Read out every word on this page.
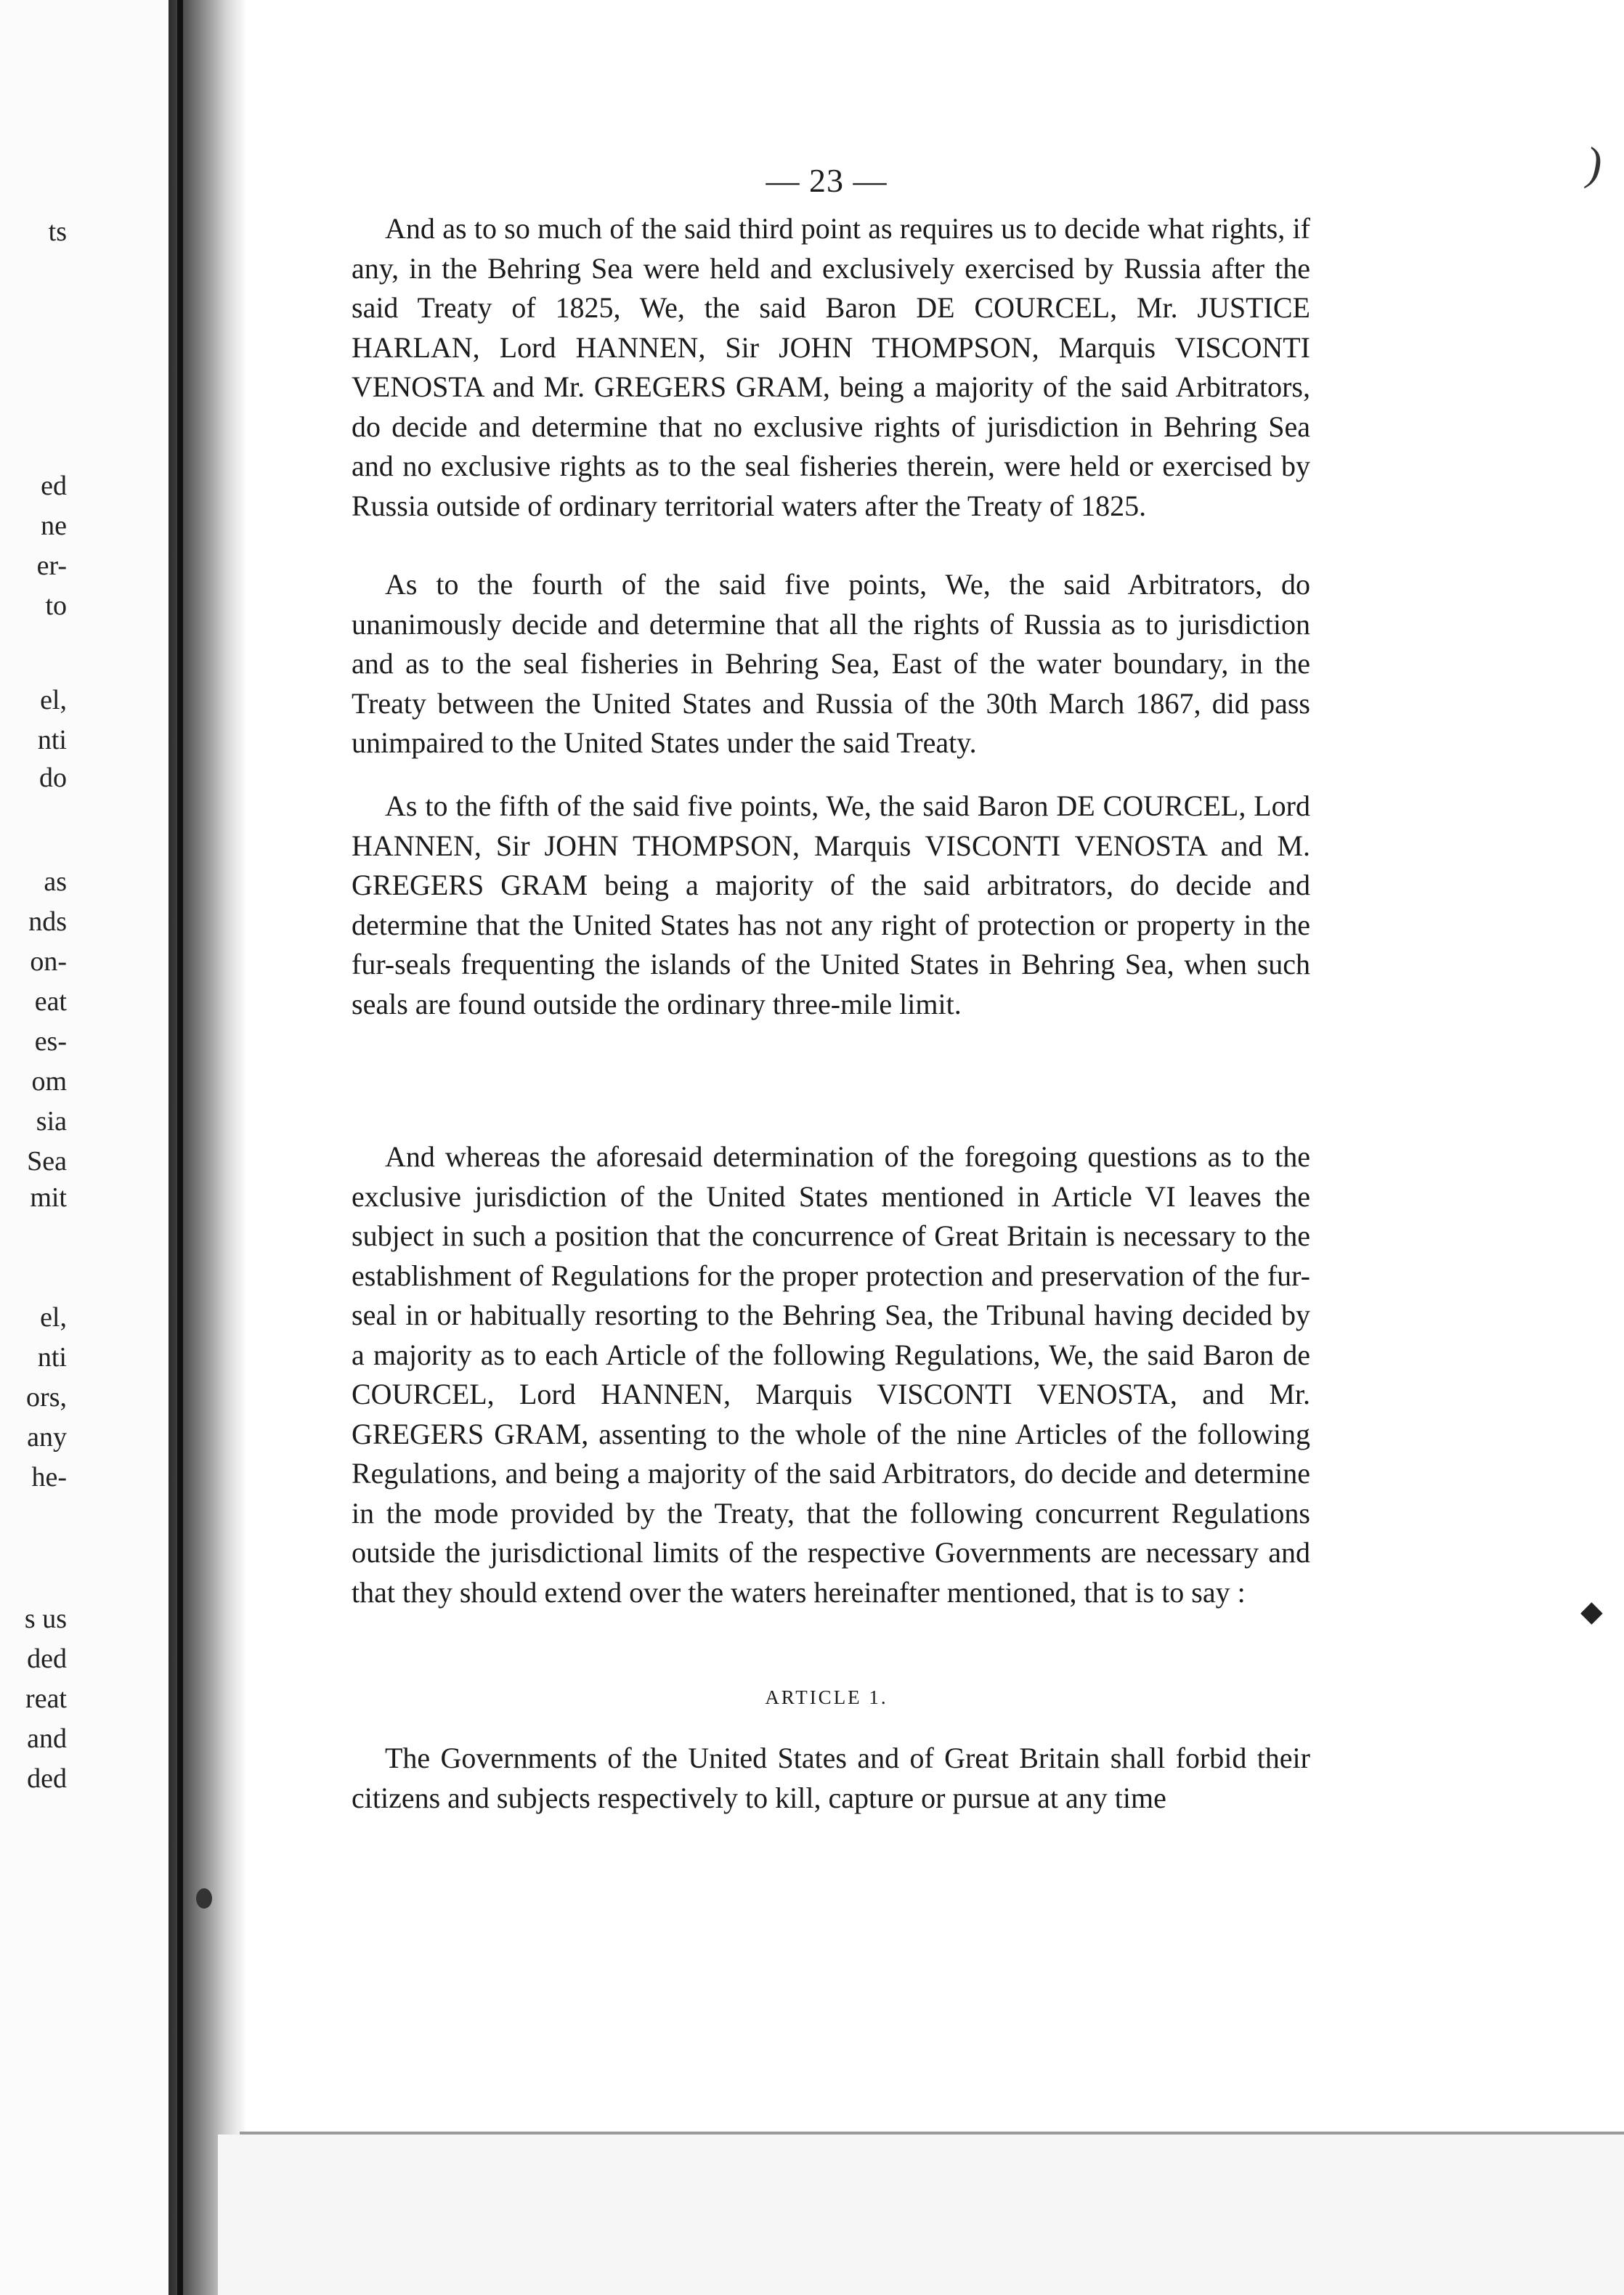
ts
ed
ne
er-
to
el,
nti
do
as
nds
on-
eat
es-
om
sia
Sea
mit
el,
nti
ors,
any
he-
s us
ded
reat
and
ded
)
◆
— 23 —

And as to so much of the said third point as requires us to decide what rights, if any, in the Behring Sea were held and exclusively exercised by Russia after the said Treaty of 1825, We, the said Baron DE COURCEL, Mr. JUSTICE HARLAN, Lord HANNEN, Sir JOHN THOMPSON, Marquis VISCONTI VENOSTA and Mr. GREGERS GRAM, being a majority of the said Arbitrators, do decide and determine that no exclusive rights of jurisdiction in Behring Sea and no exclusive rights as to the seal fisheries therein, were held or exercised by Russia outside of ordinary territorial waters after the Treaty of 1825.

As to the fourth of the said five points, We, the said Arbitrators, do unanimously decide and determine that all the rights of Russia as to jurisdiction and as to the seal fisheries in Behring Sea, East of the water boundary, in the Treaty between the United States and Russia of the 30th March 1867, did pass unimpaired to the United States under the said Treaty.

As to the fifth of the said five points, We, the said Baron DE COURCEL, Lord HANNEN, Sir JOHN THOMPSON, Marquis VISCONTI VENOSTA and M. GREGERS GRAM being a majority of the said arbitrators, do decide and determine that the United States has not any right of protection or property in the fur-seals frequenting the islands of the United States in Behring Sea, when such seals are found outside the ordinary three-mile limit.

And whereas the aforesaid determination of the foregoing questions as to the exclusive jurisdiction of the United States mentioned in Article VI leaves the subject in such a position that the concurrence of Great Britain is necessary to the establishment of Regulations for the proper protection and preservation of the fur-seal in or habitually resorting to the Behring Sea, the Tribunal having decided by a majority as to each Article of the following Regulations, We, the said Baron de COURCEL, Lord HANNEN, Marquis VISCONTI VENOSTA, and Mr. GREGERS GRAM, assenting to the whole of the nine Articles of the following Regulations, and being a majority of the said Arbitrators, do decide and determine in the mode provided by the Treaty, that the following concurrent Regulations outside the jurisdictional limits of the respective Governments are necessary and that they should extend over the waters hereinafter mentioned, that is to say :

ARTICLE 1.

The Governments of the United States and of Great Britain shall forbid their citizens and subjects respectively to kill, capture or pursue at any time
